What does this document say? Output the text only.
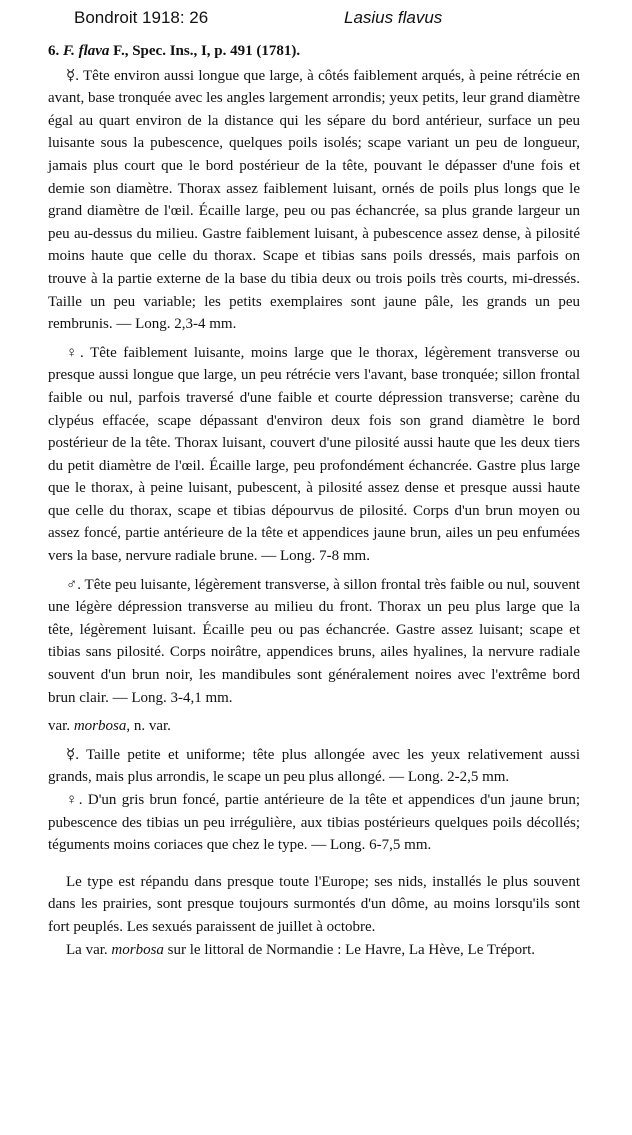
Bondroit 1918: 26	Lasius flavus

6. F. flava F., Spec. Ins., I, p. 491 (1781).

☿. Tête environ aussi longue que large, à côtés faiblement arqués, à peine rétrécie en avant, base tronquée avec les angles largement arrondis; yeux petits, leur grand diamètre égal au quart environ de la distance qui les sépare du bord antérieur, surface un peu luisante sous la pubescence, quelques poils isolés; scape variant un peu de longueur, jamais plus court que le bord postérieur de la tête, pouvant le dépasser d'une fois et demie son diamètre. Thorax assez faiblement luisant, ornés de poils plus longs que le grand diamètre de l'œil. Écaille large, peu ou pas échancrée, sa plus grande largeur un peu au-dessus du milieu. Gastre faiblement luisant, à pubescence assez dense, à pilosité moins haute que celle du thorax. Scape et tibias sans poils dressés, mais parfois on trouve à la partie externe de la base du tibia deux ou trois poils très courts, mi-dressés. Taille un peu variable; les petits exemplaires sont jaune pâle, les grands un peu rembrunis. — Long. 2,3-4 mm.

♀. Tête faiblement luisante, moins large que le thorax, légèrement transverse ou presque aussi longue que large, un peu rétrécie vers l'avant, base tronquée; sillon frontal faible ou nul, parfois traversé d'une faible et courte dépression transverse; carène du clypéus effacée, scape dépassant d'environ deux fois son grand diamètre le bord postérieur de la tête. Thorax luisant, couvert d'une pilosité aussi haute que les deux tiers du petit diamètre de l'œil. Écaille large, peu profondément échancrée. Gastre plus large que le thorax, à peine luisant, pubescent, à pilosité assez dense et presque aussi haute que celle du thorax, scape et tibias dépourvus de pilosité. Corps d'un brun moyen ou assez foncé, partie antérieure de la tête et appendices jaune brun, ailes un peu enfumées vers la base, nervure radiale brune. — Long. 7-8 mm.

♂. Tête peu luisante, légèrement transverse, à sillon frontal très faible ou nul, souvent une légère dépression transverse au milieu du front. Thorax un peu plus large que la tête, légèrement luisant. Écaille peu ou pas échancrée. Gastre assez luisant; scape et tibias sans pilosité. Corps noirâtre, appendices bruns, ailes hyalines, la nervure radiale souvent d'un brun noir, les mandibules sont généralement noires avec l'extrême bord brun clair. — Long. 3-4,1 mm.

var. morbosa, n. var.

☿. Taille petite et uniforme; tête plus allongée avec les yeux relativement aussi grands, mais plus arrondis, le scape un peu plus allongé. — Long. 2-2,5 mm.

♀. D'un gris brun foncé, partie antérieure de la tête et appendices d'un jaune brun; pubescence des tibias un peu irrégulière, aux tibias postérieurs quelques poils décollés; téguments moins coriaces que chez le type. — Long. 6-7,5 mm.

Le type est répandu dans presque toute l'Europe; ses nids, installés le plus souvent dans les prairies, sont presque toujours surmontés d'un dôme, au moins lorsqu'ils sont fort peuplés. Les sexués paraissent de juillet à octobre.

La var. morbosa sur le littoral de Normandie : Le Havre, La Hève, Le Tréport.
